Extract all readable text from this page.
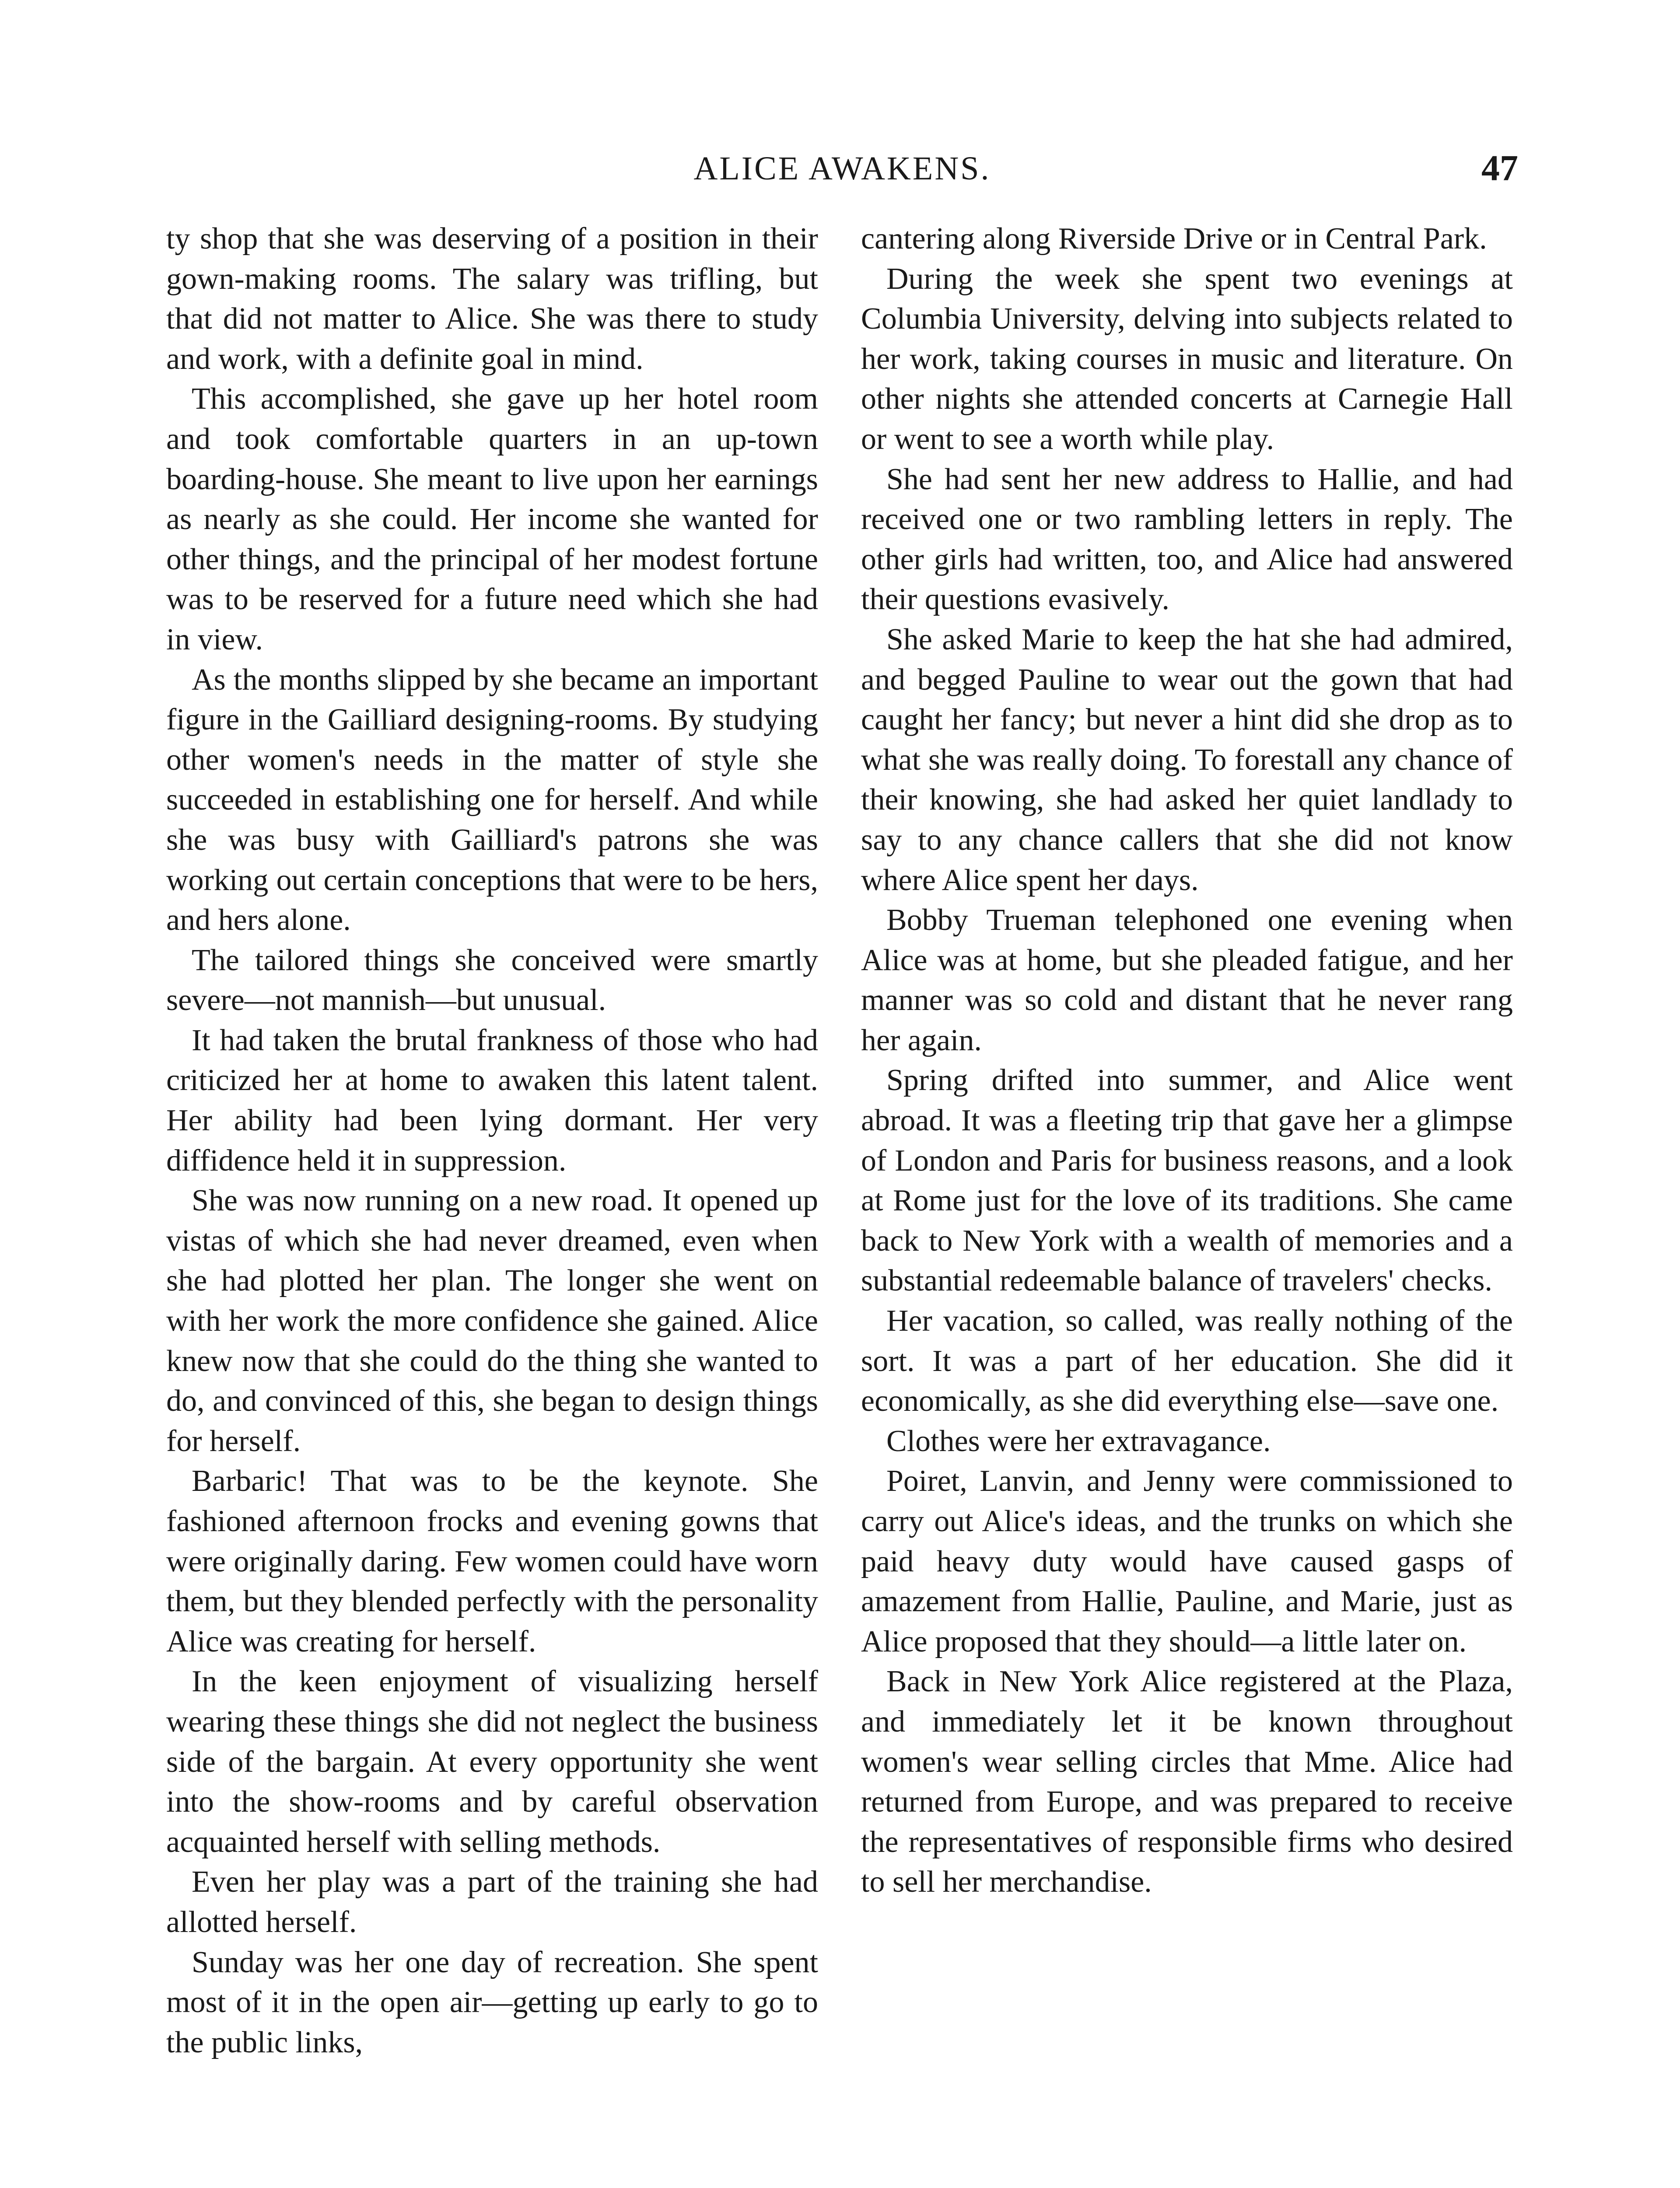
ALICE AWAKENS.	47

ty shop that she was deserving of a position in their gown-making rooms. The salary was trifling, but that did not matter to Alice. She was there to study and work, with a definite goal in mind.

This accomplished, she gave up her hotel room and took comfortable quarters in an up-town boarding-house. She meant to live upon her earnings as nearly as she could. Her income she wanted for other things, and the principal of her modest fortune was to be reserved for a future need which she had in view.

As the months slipped by she became an important figure in the Gailliard designing-rooms. By studying other women's needs in the matter of style she succeeded in establishing one for herself. And while she was busy with Gailliard's patrons she was working out certain conceptions that were to be hers, and hers alone.

The tailored things she conceived were smartly severe—not mannish—but unusual.

It had taken the brutal frankness of those who had criticized her at home to awaken this latent talent. Her ability had been lying dormant. Her very diffidence held it in suppression.

She was now running on a new road. It opened up vistas of which she had never dreamed, even when she had plotted her plan. The longer she went on with her work the more confidence she gained. Alice knew now that she could do the thing she wanted to do, and convinced of this, she began to design things for herself.

Barbaric! That was to be the keynote. She fashioned afternoon frocks and evening gowns that were originally daring. Few women could have worn them, but they blended perfectly with the personality Alice was creating for herself.

In the keen enjoyment of visualizing herself wearing these things she did not neglect the business side of the bargain. At every opportunity she went into the show-rooms and by careful observation acquainted herself with selling methods.

Even her play was a part of the training she had allotted herself.

Sunday was her one day of recreation. She spent most of it in the open air—getting up early to go to the public links,

cantering along Riverside Drive or in Central Park.

During the week she spent two evenings at Columbia University, delving into subjects related to her work, taking courses in music and literature. On other nights she attended concerts at Carnegie Hall or went to see a worth while play.

She had sent her new address to Hallie, and had received one or two rambling letters in reply. The other girls had written, too, and Alice had answered their questions evasively.

She asked Marie to keep the hat she had admired, and begged Pauline to wear out the gown that had caught her fancy; but never a hint did she drop as to what she was really doing. To forestall any chance of their knowing, she had asked her quiet landlady to say to any chance callers that she did not know where Alice spent her days.

Bobby Trueman telephoned one evening when Alice was at home, but she pleaded fatigue, and her manner was so cold and distant that he never rang her again.

Spring drifted into summer, and Alice went abroad. It was a fleeting trip that gave her a glimpse of London and Paris for business reasons, and a look at Rome just for the love of its traditions. She came back to New York with a wealth of memories and a substantial redeemable balance of travelers' checks.

Her vacation, so called, was really nothing of the sort. It was a part of her education. She did it economically, as she did everything else—save one.

Clothes were her extravagance.

Poiret, Lanvin, and Jenny were commissioned to carry out Alice's ideas, and the trunks on which she paid heavy duty would have caused gasps of amazement from Hallie, Pauline, and Marie, just as Alice proposed that they should—a little later on.

Back in New York Alice registered at the Plaza, and immediately let it be known throughout women's wear selling circles that Mme. Alice had returned from Europe, and was prepared to receive the representatives of responsible firms who desired to sell her merchandise.
